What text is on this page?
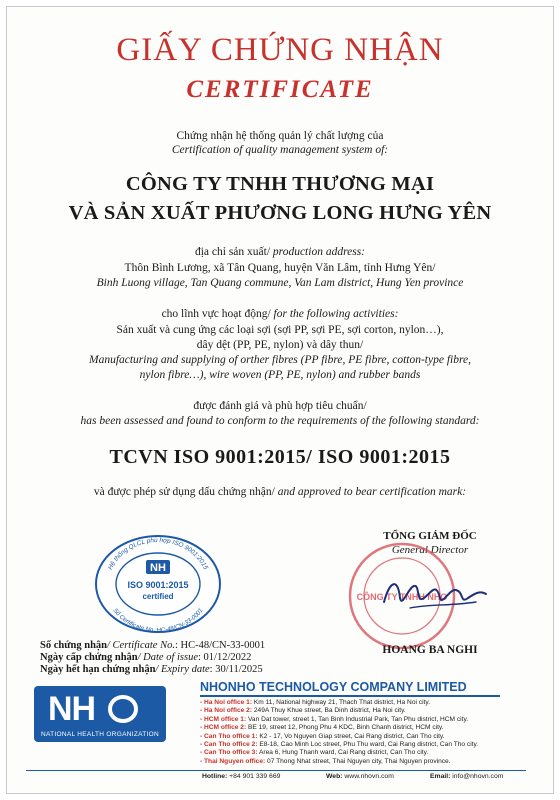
GIẤY CHỨNG NHẬN
CERTIFICATE
Chứng nhận hệ thống quản lý chất lượng của
Certification of quality management system of:
CÔNG TY TNHH THƯƠNG MẠI
VÀ SẢN XUẤT PHƯƠNG LONG HƯNG YÊN
địa chỉ sản xuất/ production address:
Thôn Bình Lương, xã Tân Quang, huyện Văn Lâm, tỉnh Hưng Yên/
Binh Luong village, Tan Quang commune, Van Lam district, Hung Yen province
cho lĩnh vực hoạt động/ for the following activities:
Sản xuất và cung ứng các loại sợi (sợi PP, sợi PE, sợi corton, nylon…),
dây dệt (PP, PE, nylon) và dây thun/
Manufacturing and supplying of orther fibres (PP fibre, PE fibre, cotton-type fibre,
nylon fibre…), wire woven (PP, PE, nylon) and rubber bands
được đánh giá và phù hợp tiêu chuẩn/
has been assessed and found to conform to the requirements of the following standard:
TCVN ISO 9001:2015/ ISO 9001:2015
và được phép sử dụng dấu chứng nhận/ and approved to bear certification mark:
Hệ thống QLCL phù hợp ISO 9001:2015
Số Certificate No.:HC-48/CN-33-0001
NH
ISO 9001:2015
certified
TỔNG GIÁM ĐỐC
General Director
CÔNG TY TNHH NHO
HOANG BA NGHI
Số chứng nhận/ Certificate No.: HC-48/CN-33-0001
Ngày cấp chứng nhận/ Date of issue: 01/12/2022
Ngày hết hạn chứng nhận/ Expiry date: 30/11/2025
NH
NATIONAL HEALTH ORGANIZATION
NHONHO TECHNOLOGY COMPANY LIMITED
- Ha Noi office 1: Km 11, National highway 21, Thach That district, Ha Noi city.
- Ha Noi office 2: 249A Thuy Khue street, Ba Dinh district, Ha Noi city.
- HCM office 1: Van Dat tower, street 1, Tan Binh Industrial Park, Tan Phu district, HCM city.
- HCM office 2: BE 19, street 12, Phong Phu 4 KDC, Binh Chanh district, HCM city.
- Can Tho office 1: K2 - 17, Vo Nguyen Giap street, Cai Rang district, Can Tho city.
- Can Tho office 2: E8-18, Cao Minh Loc street, Phu Thu ward, Cai Rang district, Can Tho city.
- Can Tho office 3: Area 6, Hung Thanh ward, Cai Rang district, Can Tho city.
- Thai Nguyen office: 07 Thong Nhat street, Thai Nguyen city, Thai Nguyen province.
Hotline: +84 901 339 669	Web: www.nhovn.com	Email: info@nhovn.com
